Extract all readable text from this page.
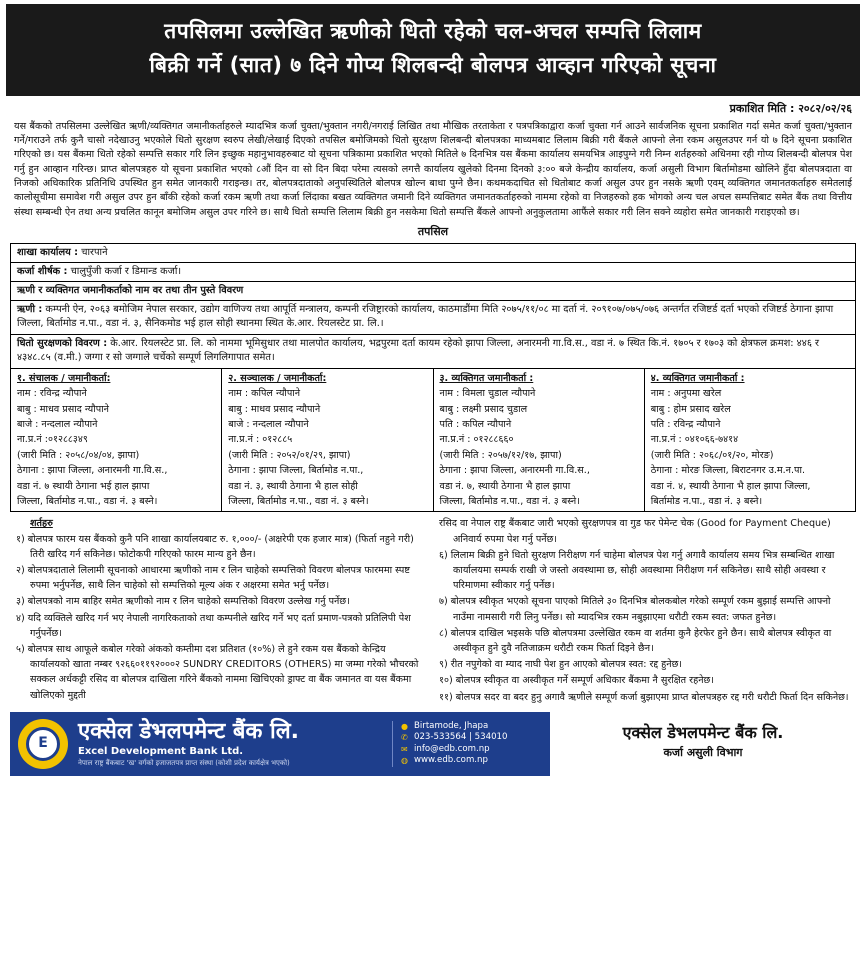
तपसिलमा उल्लेखित ऋणीको धितो रहेको चल-अचल सम्पत्ति लिलाम
बिक्री गर्ने (सात) ७ दिने गोप्य शिलबन्दी बोलपत्र आव्हान गरिएको सूचना
प्रकाशित मिति : २०८२/०२/२६
यस बैंकको तपसिलमा उल्लेखित ऋणी/व्यक्तिगत जमानीकर्ताहरुले म्यादभित्र कर्जा चुक्ता/भुक्तान नगरी/नगराई लिखित तथा मौखिक तरताकेता र पत्रपत्रिकाद्वारा कर्जा चुक्ता गर्न आउने सार्वजनिक सूचना प्रकाशित गर्दा समेत कर्जा चुक्ता/भुक्तान गर्ने/गराउने तर्फ कुनै चासो नदेखाउनु भएकोले धितो सुरक्षण स्वरुप लेखी/लेखाई दिएको तपसिल बमोजिमको धितो सुरक्षण शिलबन्दी बोलपत्रका माध्यमबाट लिलाम बिक्री गरी बैंकले आफ्नो लेना रकम असुलउपर गर्न यो ७ दिने सूचना प्रकाशित गरिएको छ। यस बैंकमा धितो रहेको सम्पत्ति सकार गरि लिन इच्छुक महानुभावहरुबाट यो सूचना पत्रिकामा प्रकाशित भएको मितिले ७ दिनभित्र यस बैंकमा कार्यालय समयभित्र आइपुग्ने गरी निम्न शर्तहरुको अधिनमा रही गोप्य शिलबन्दी बोलपत्र पेश गर्नु हुन आव्हान गरिन्छ। प्राप्त बोलपत्रहरु यो सूचना प्रकाशित भएको ८औं दिन वा सो दिन बिदा परेमा त्यसको लगत्तै कार्यालय खुलेको दिनमा दिनको ३:०० बजे केन्द्रीय कार्यालय, कर्जा असुली विभाग बिर्तामोडमा खोलिने हुँदा बोलपत्रदाता वा निजको अधिकारिक प्रतिनिधि उपस्थित हुन समेत जानकारी गराइन्छ। तर, बोलपत्रदाताको अनुपस्थितिले बोलपत्र खोल्न बाधा पुग्ने छैन। कथमकदाचित सो धितोबाट कर्जा असुल उपर हुन नसके ऋणी एवम् व्यक्तिगत जमानतकर्ताहरु समेतलाई कालोसूचीमा समावेश गरी असुल उपर हुन बाँकी रहेको कर्जा रकम ऋणी तथा कर्जा लिंदाका बखत व्यक्तिगत जमानी दिने व्यक्तिगत जमानतकर्ताहरुको नाममा रहेको वा निजहरुको हक भोगको अन्य चल अचल सम्पत्तिबाट समेत बैंक तथा वित्तीय संस्था सम्बन्धी ऐन तथा अन्य प्रचलित कानून बमोजिम असुल उपर गरिने छ। साथै धितो सम्पत्ति लिलाम बिक्री हुन नसकेमा धितो सम्पत्ति बैंकले आफ्नो अनुकुलतामा आफैंले सकार गरी लिन सक्ने व्यहोरा समेत जानकारी गराइएको छ।
तपसिल
शाखा कार्यालय : चारपाने
कर्जा शीर्षक : चालुपुँजी कर्जा र डिमान्ड कर्जा।
ऋणी र व्यक्तिगत जमानीकर्ताको नाम वर तथा तीन पुस्ते विवरण
ऋणी : कम्पनी ऐन, २०६३ बमोजिम नेपाल सरकार, उद्योग वाणिज्य तथा आपूर्ति मन्त्रालय, कम्पनी रजिष्ट्रारको कार्यालय, काठमाडौंमा मिति २०७५/११/०८ मा दर्ता नं. २०९१०७/०७५/०७६ अन्तर्गत रजिष्टर्ड दर्ता भएको रजिष्टर्ड ठेगाना झापा जिल्ला, बिर्तामोड न.पा., वडा नं. ३, सैनिकमोड भई हाल सोही स्थानमा स्थित के.आर. रियलस्टेट प्रा. लि.।
धितो सुरक्षणको विवरण : के.आर. रियलस्टेट प्रा. लि. को नाममा भूमिसुधार तथा मालपोत कार्यालय, भद्रपुरमा दर्ता कायम रहेको झापा जिल्ला, अनारमनी गा.वि.स., वडा नं. ७ स्थित कि.नं. १७०५ र १७०३ को क्षेत्रफल क्रमश: ४४६ र ४३४८.८५ (व.मी.) जग्गा र सो जग्गाले चर्चेको सम्पूर्ण लिगलिगापात समेत।
१. संचालक / जमानीकर्ता:
नाम : रविन्द्र न्यौपाने
बाबु : माधव प्रसाद न्यौपाने
बाजे : नन्दलाल न्यौपाने
ना.प्र.नं :०१२८८३४९
(जारी मिति : २०५८/०४/०४, झापा)
ठेगाना : झापा जिल्ला, अनारमनी गा.वि.स.,
वडा नं. ७ स्थायी ठेगाना भई हाल झापा
जिल्ला, बिर्तामोड न.पा., वडा नं. ३ बस्ने।
२. सञ्चालक / जमानीकर्ता:
नाम : कपिल न्यौपाने
बाबु : माधव प्रसाद न्यौपाने
बाजे : नन्दलाल न्यौपाने
ना.प्र.नं : ०१२८८५
(जारी मिति : २०५२/०१/२९, झापा)
ठेगाना : झापा जिल्ला, बिर्तामोड न.पा.,
वडा नं. ३, स्थायी ठेगाना भै हाल सोही
जिल्ला, बिर्तामोड न.पा., वडा नं. ३ बस्ने।
३. व्यक्तिगत जमानीकर्ता :
नाम : विमला चुडाल न्यौपाने
बाबु : लक्ष्मी प्रसाद चुडाल
पति : कपिल न्यौपाने
ना.प्र.नं : ०१२८८६६०
(जारी मिति : २०५७/१२/१७, झापा)
ठेगाना : झापा जिल्ला, अनारमनी गा.वि.स.,
वडा नं. ७, स्थायी ठेगाना भै हाल झापा
जिल्ला, बिर्तामोड न.पा., वडा नं. ३ बस्ने।
४. व्यक्तिगत जमानीकर्ता :
नाम : अनुपमा खरेल
बाबु : होम प्रसाद खरेल
पति : रविन्द्र न्यौपाने
ना.प्र.नं : ०४१०६६-७४१४
(जारी मिति : २०६८/०१/२०, मोरङ)
ठेगाना : मोरङ जिल्ला, बिराटनगर उ.म.न.पा.
वडा नं. ४, स्थायी ठेगाना भै हाल झापा जिल्ला,
बिर्तामोड न.पा., वडा नं. ३ बस्ने।
शर्तहरु
१) बोलपत्र फारम यस बैंकको कुनै पनि शाखा कार्यालयबाट रु. १,०००/- (अक्षरेपी एक हजार मात्र) (फिर्ता नहुने गरी) तिरी खरिद गर्न सकिनेछ। फोटोकपी गरिएको फारम मान्य हुने छैन।
२) बोलपत्रदाताले लिलामी सूचनाको आधारमा ऋणीको नाम र लिन चाहेको सम्पत्तिको विवरण बोलपत्र फारममा स्पष्ट रुपमा भर्नुपर्नेछ, साथै लिन चाहेको सो सम्पत्तिको मूल्य अंक र अक्षरमा समेत भर्नु पर्नेछ।
३) बोलपत्रको नाम बाहिर समेत ऋणीको नाम र लिन चाहेको सम्पत्तिको विवरण उल्लेख गर्नु पर्नेछ।
४) यदि व्यक्तिले खरिद गर्न भए नेपाली नागरिकताको तथा कम्पनीले खरिद गर्ने भए दर्ता प्रमाण-पत्रको प्रतिलिपी पेश गर्नुपर्नेछ।
५) बोलपत्र साथ आफूले कबोल गरेको अंकको कम्तीमा दश प्रतिशत (१०%) ले हुने रकम यस बैंकको केन्द्रिय कार्यालयको खाता नम्बर ९२६६०११९२०००२ SUNDRY CREDITORS (OTHERS) मा जम्मा गरेको भौचरको सक्कल अर्धकट्टी रसिद वा बोलपत्र दाखिला गरिने बैंकको नाममा खिचिएको ड्राफ्ट वा बैंक जमानत वा यस बैंकमा खोलिएको मुद्दती
रसिद वा नेपाल राष्ट्र बैंकबाट जारी भएको सुरक्षणपत्र वा गुड फर पेमेन्ट चेक (Good for Payment Cheque) अनिवार्य रुपमा पेश गर्नु पर्नेछ।
६) लिलाम बिक्री हुने धितो सुरक्षण निरीक्षण गर्न चाहेमा बोलपत्र पेश गर्नु अगावै कार्यालय समय भित्र सम्बन्धित शाखा कार्यालयमा सम्पर्क राखी जे जस्तो अवस्थामा छ, सोही अवस्थामा निरीक्षण गर्न सकिनेछ। साथै सोही अवस्था र परिमाणमा स्वीकार गर्नु पर्नेछ।
७) बोलपत्र स्वीकृत भएको सूचना पाएको मितिले ३० दिनभित्र बोलकबोल गरेको सम्पूर्ण रकम बुझाई सम्पत्ति आफ्नो नाउँमा नामसारी गरी लिनु पर्नेछ। सो म्यादभित्र रकम नबुझाएमा धरौटी रकम स्वत: जफत हुनेछ।
८) बोलपत्र दाखिल भइसके पछि बोलपत्रमा उल्लेखित रकम वा शर्तमा कुनै हेरफेर हुने छैन। साथै बोलपत्र स्वीकृत वा अस्वीकृत हुने दुवै नतिजाक्रम धरौटी रकम फिर्ता दिइने छैन।
९) रीत नपुगेको वा म्याद नाघी पेश हुन आएको बोलपत्र स्वत: रद्द हुनेछ।
१०) बोलपत्र स्वीकृत वा अस्वीकृत गर्ने सम्पूर्ण अधिकार बैंकमा नै सुरक्षित रहनेछ।
११) बोलपत्र सदर वा बदर हुनु अगावै ऋणीले सम्पूर्ण कर्जा बुझाएमा प्राप्त बोलपत्रहरु रद्द गरी धरौटी फिर्ता दिन सकिनेछ।
E	एक्सेल डेभलपमेन्ट बैंक लि.
Excel Development Bank Ltd.
नेपाल राष्ट्र बैंकबाट 'ख' वर्गको इजाजतपत्र प्राप्त संस्था (कोशी प्रदेश कार्यक्षेत्र भएको)
● Birtamode, Jhapa
✆ 023-533564 | 534010
✉ info@edb.com.np
◍ www.edb.com.np
एक्सेल डेभलपमेन्ट बैंक लि.
कर्जा असुली विभाग
